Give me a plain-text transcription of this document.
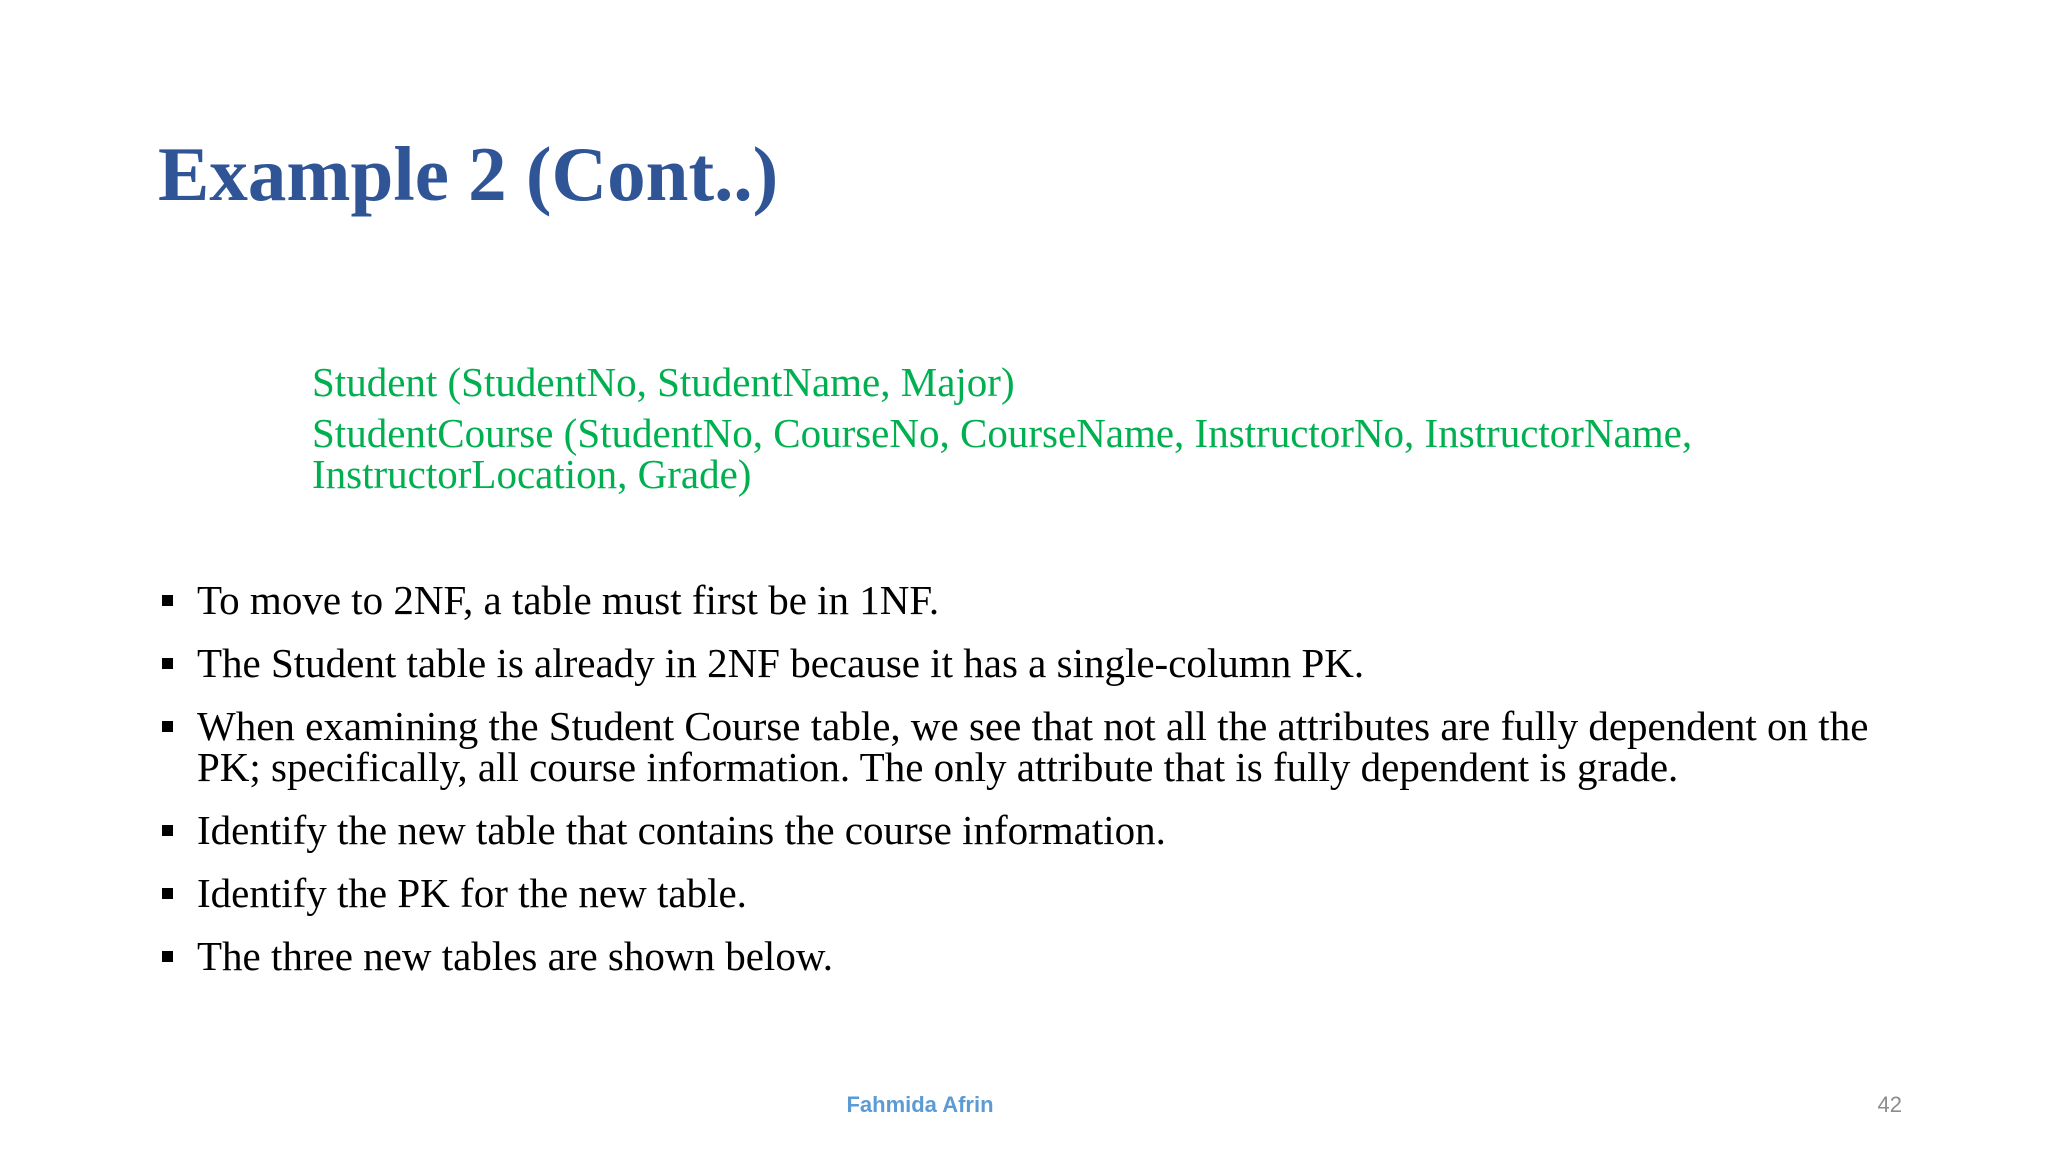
Example 2 (Cont..)

Student (StudentNo, StudentName, Major)

StudentCourse (StudentNo, CourseNo, CourseName, InstructorNo, InstructorName, InstructorLocation, Grade)

To move to 2NF, a table must first be in 1NF.
The Student table is already in 2NF because it has a single-column PK.
When examining the Student Course table, we see that not all the attributes are fully dependent on the PK; specifically, all course information. The only attribute that is fully dependent is grade.
Identify the new table that contains the course information.
Identify the PK for the new table.
The three new tables are shown below.
Fahmida Afrin	42
